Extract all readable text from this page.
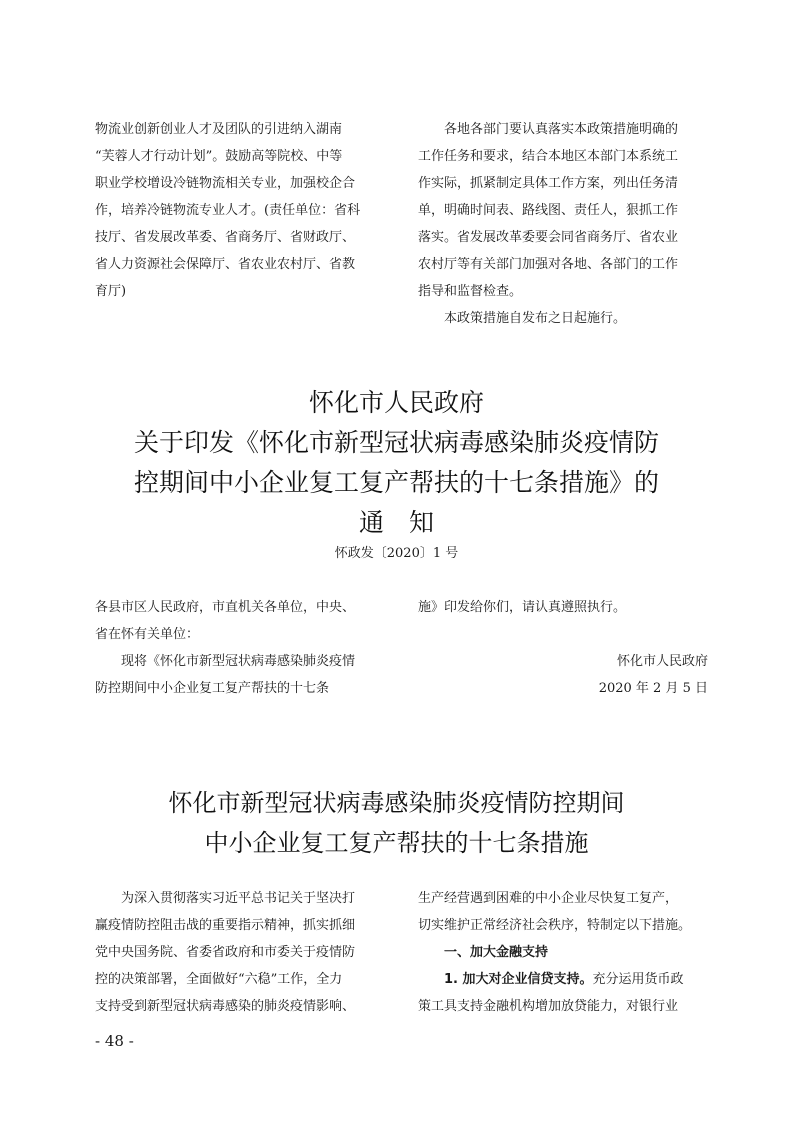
物流业创新创业人才及团队的引进纳入湖南

“芙蓉人才行动计划”。鼓励高等院校、中等

职业学校增设冷链物流相关专业，加强校企合

作，培养冷链物流专业人才。(责任单位：省科

技厅、省发展改革委、省商务厅、省财政厅、

省人力资源社会保障厅、省农业农村厅、省教

育厅)

各地各部门要认真落实本政策措施明确的

工作任务和要求，结合本地区本部门本系统工

作实际，抓紧制定具体工作方案，列出任务清

单，明确时间表、路线图、责任人，狠抓工作

落实。省发展改革委要会同省商务厅、省农业

农村厅等有关部门加强对各地、各部门的工作

指导和监督检查。

本政策措施自发布之日起施行。

怀化市人民政府
关于印发《怀化市新型冠状病毒感染肺炎疫情防
控期间中小企业复工复产帮扶的十七条措施》的
通　知
怀政发〔2020〕1 号

各县市区人民政府，市直机关各单位，中央、

省在怀有关单位：

现将《怀化市新型冠状病毒感染肺炎疫情

防控期间中小企业复工复产帮扶的十七条

施》印发给你们，请认真遵照执行。

怀化市人民政府

2020 年 2 月 5 日

怀化市新型冠状病毒感染肺炎疫情防控期间
中小企业复工复产帮扶的十七条措施

为深入贯彻落实习近平总书记关于坚决打

赢疫情防控阻击战的重要指示精神，抓实抓细

党中央国务院、省委省政府和市委关于疫情防

控的决策部署，全面做好“六稳”工作，全力

支持受到新型冠状病毒感染的肺炎疫情影响、

生产经营遇到困难的中小企业尽快复工复产，

切实维护正常经济社会秩序，特制定以下措施。

一、加大金融支持

1. 加大对企业信贷支持。充分运用货币政

策工具支持金融机构增加放贷能力，对银行业

- 48 -
